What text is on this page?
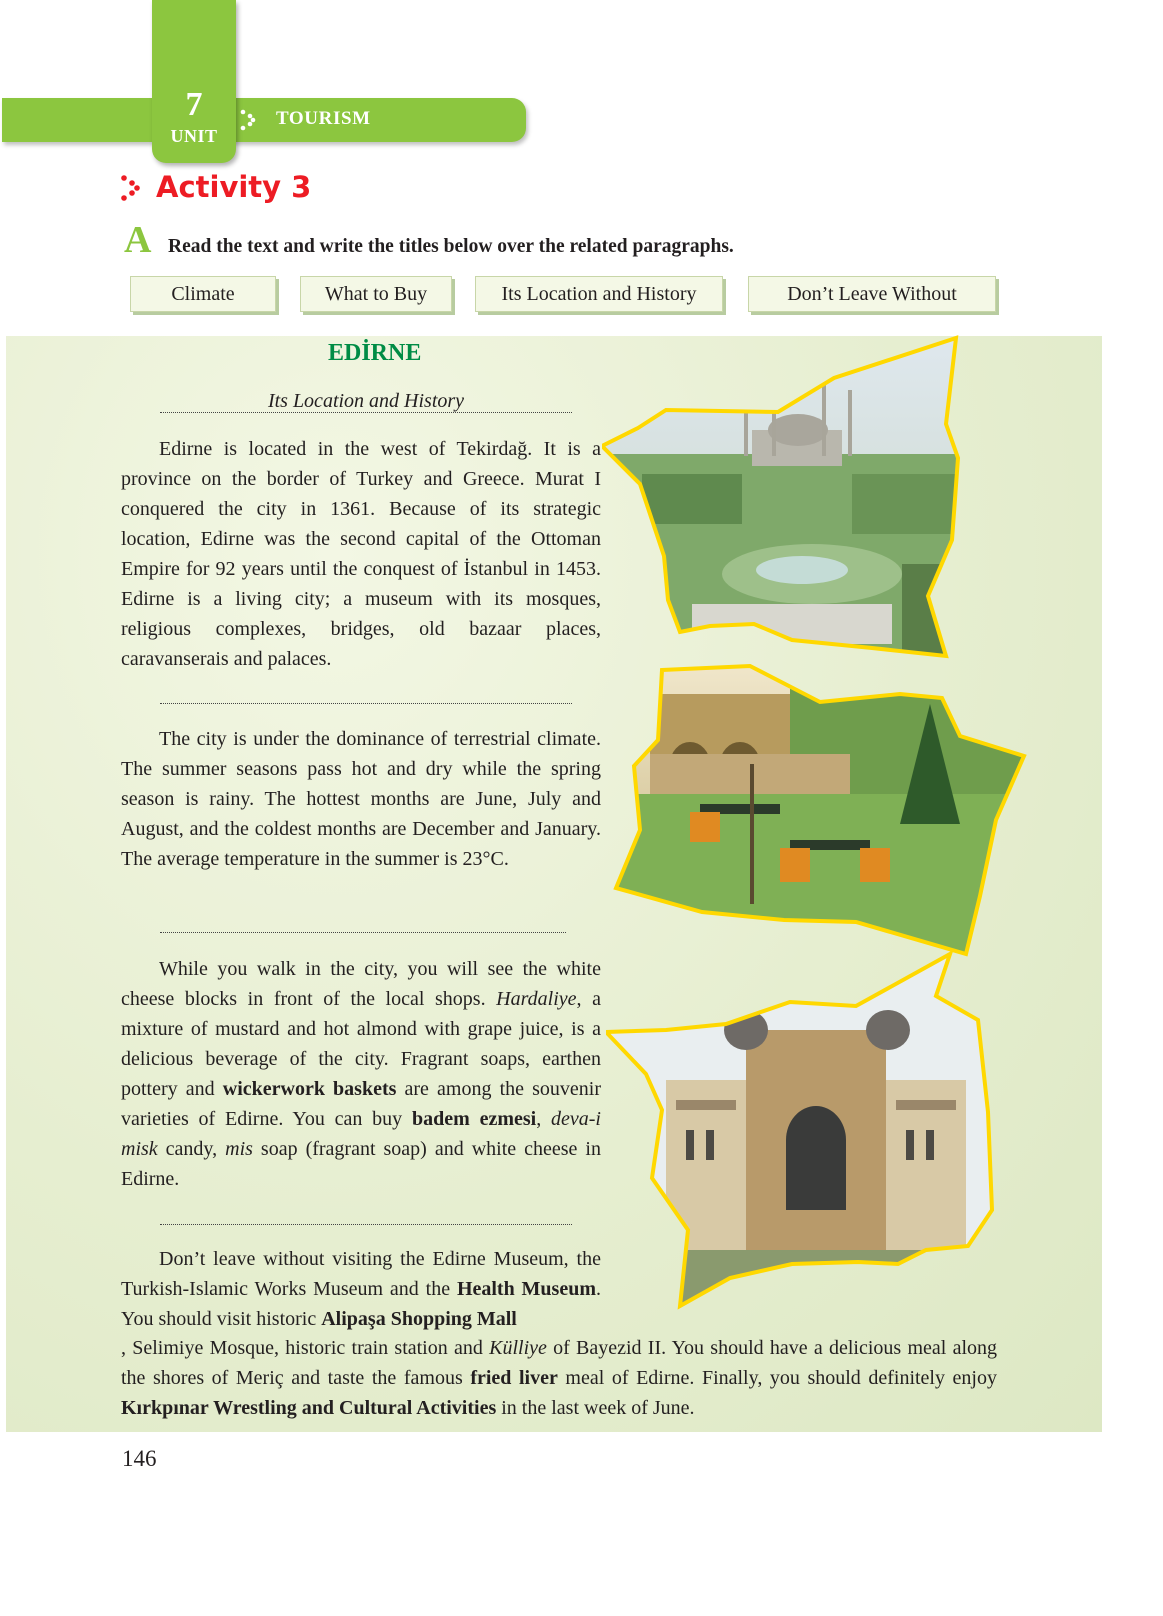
7
UNIT
TOURISM
Activity 3
A Read the text and write the titles below over the related paragraphs.
Climate	What to Buy	Its Location and History	Don’t Leave Without
EDİRNE
Its Location and History

Edirne is located in the west of Tekirdağ. It is a province on the border of Turkey and Greece. Murat I conquered the city in 1361. Because of its strategic location, Edirne was the second capital of the Ottoman Empire for 92 years until the conquest of İstanbul in 1453. Edirne is a living city; a museum with its mosques, religious complexes, bridges, old bazaar places, caravanserais and palaces.

The city is under the dominance of terrestrial climate. The summer seasons pass hot and dry while the spring season is rainy. The hottest months are June, July and August, and the coldest months are December and January. The average temperature in the summer is 23°C.

While you walk in the city, you will see the white cheese blocks in front of the local shops. Hardaliye, a mixture of mustard and hot almond with grape juice, is a delicious beverage of the city. Fragrant soaps, earthen pottery and wickerwork baskets are among the souvenir varieties of Edirne. You can buy badem ezmesi, deva-i misk candy, mis soap (fragrant soap) and white cheese in Edirne.

Don’t leave without visiting the Edirne Museum, the Turkish-Islamic Works Museum and the Health Museum. You should visit historic Alipaşa Shopping Mall

, Selimiye Mosque, historic train station and Külliye of Bayezid II. You should have a delicious meal along the shores of Meriç and taste the famous fried liver meal of Edirne. Finally, you should definitely enjoy Kırkpınar Wrestling and Cultural Activities in the last week of June.

146
